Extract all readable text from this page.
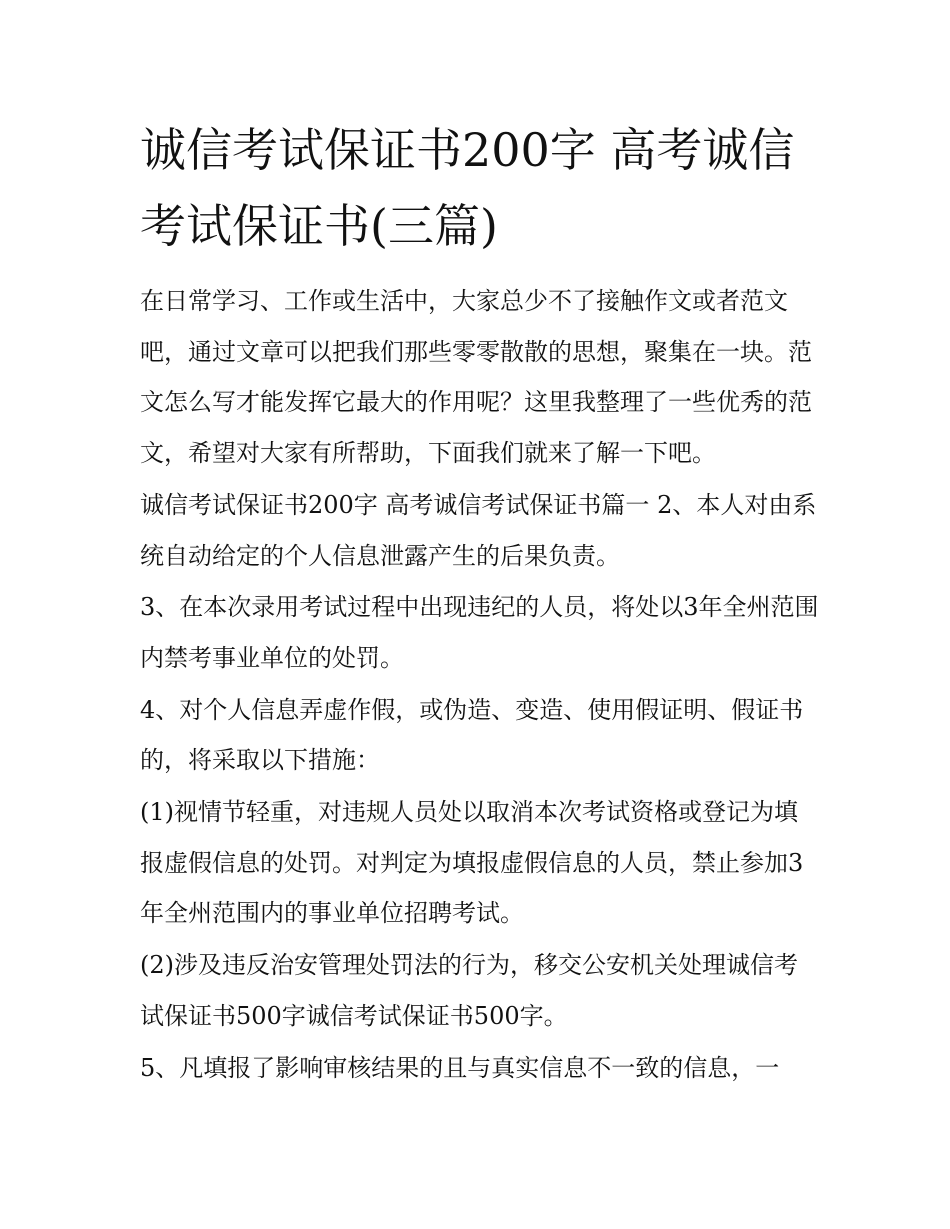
诚信考试保证书200字 高考诚信考试保证书(三篇)

在日常学习、工作或生活中，大家总少不了接触作文或者范文吧，通过文章可以把我们那些零零散散的思想，聚集在一块。范文怎么写才能发挥它最大的作用呢？这里我整理了一些优秀的范文，希望对大家有所帮助，下面我们就来了解一下吧。

诚信考试保证书200字 高考诚信考试保证书篇一 2、本人对由系统自动给定的个人信息泄露产生的后果负责。

3、在本次录用考试过程中出现违纪的人员，将处以3年全州范围内禁考事业单位的处罚。

4、对个人信息弄虚作假，或伪造、变造、使用假证明、假证书的，将采取以下措施：

(1)视情节轻重，对违规人员处以取消本次考试资格或登记为填报虚假信息的处罚。对判定为填报虚假信息的人员，禁止参加3年全州范围内的事业单位招聘考试。

(2)涉及违反治安管理处罚法的行为，移交公安机关处理诚信考试保证书500字诚信考试保证书500字。

5、凡填报了影响审核结果的且与真实信息不一致的信息，一
